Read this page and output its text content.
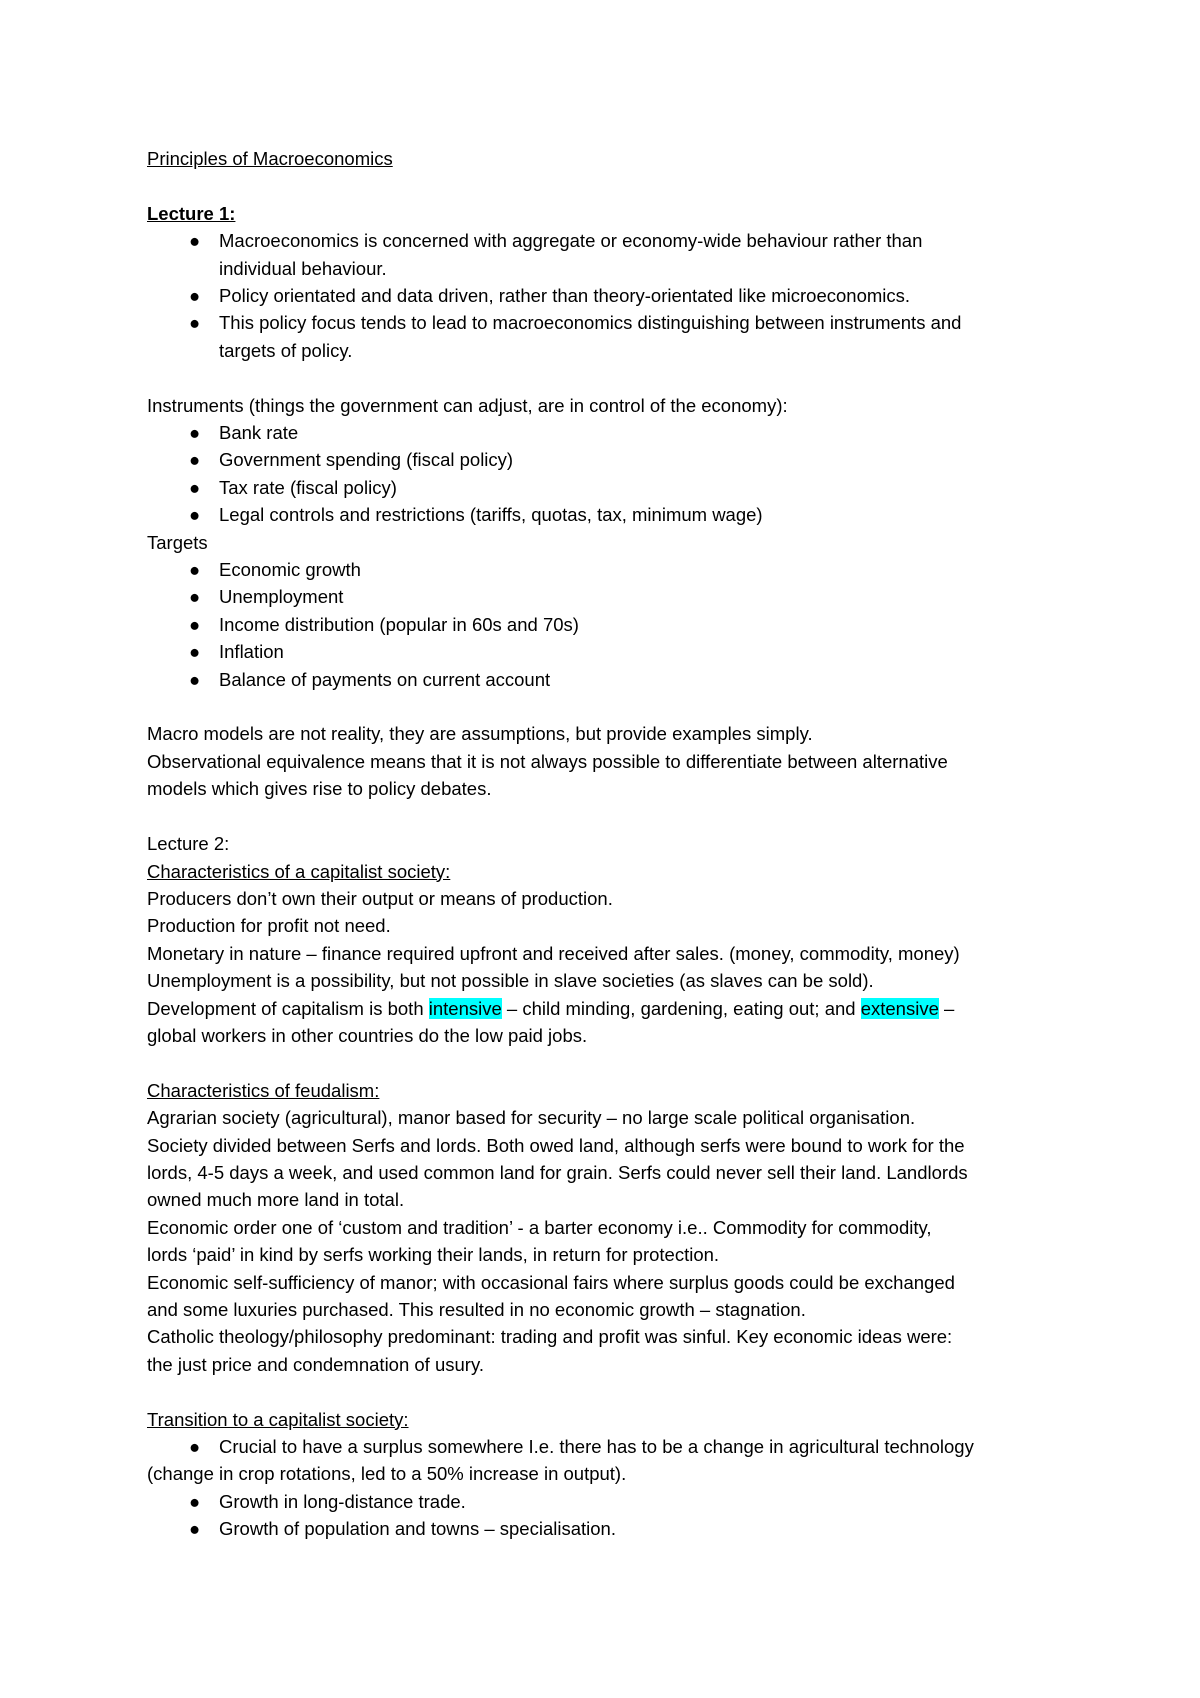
Principles of Macroeconomics
Lecture 1:
● Macroeconomics is concerned with aggregate or economy-wide behaviour rather than
individual behaviour.
● Policy orientated and data driven, rather than theory-orientated like microeconomics.
● This policy focus tends to lead to macroeconomics distinguishing between instruments and
targets of policy.
Instruments (things the government can adjust, are in control of the economy):
● Bank rate
● Government spending (fiscal policy)
● Tax rate (fiscal policy)
● Legal controls and restrictions (tariffs, quotas, tax, minimum wage)
Targets
● Economic growth
● Unemployment
● Income distribution (popular in 60s and 70s)
● Inflation
● Balance of payments on current account
Macro models are not reality, they are assumptions, but provide examples simply.
Observational equivalence means that it is not always possible to differentiate between alternative
models which gives rise to policy debates.
Lecture 2:
Characteristics of a capitalist society:
Producers don’t own their output or means of production.
Production for profit not need.
Monetary in nature – finance required upfront and received after sales. (money, commodity, money)
Unemployment is a possibility, but not possible in slave societies (as slaves can be sold).
Development of capitalism is both intensive – child minding, gardening, eating out; and extensive –
global workers in other countries do the low paid jobs.
Characteristics of feudalism:
Agrarian society (agricultural), manor based for security – no large scale political organisation.
Society divided between Serfs and lords. Both owed land, although serfs were bound to work for the
lords, 4-5 days a week, and used common land for grain. Serfs could never sell their land. Landlords
owned much more land in total.
Economic order one of ‘custom and tradition’ - a barter economy i.e.. Commodity for commodity,
lords ‘paid’ in kind by serfs working their lands, in return for protection.
Economic self-sufficiency of manor; with occasional fairs where surplus goods could be exchanged
and some luxuries purchased. This resulted in no economic growth – stagnation.
Catholic theology/philosophy predominant: trading and profit was sinful. Key economic ideas were:
the just price and condemnation of usury.
Transition to a capitalist society:
● Crucial to have a surplus somewhere I.e. there has to be a change in agricultural technology
(change in crop rotations, led to a 50% increase in output).
● Growth in long-distance trade.
● Growth of population and towns – specialisation.
